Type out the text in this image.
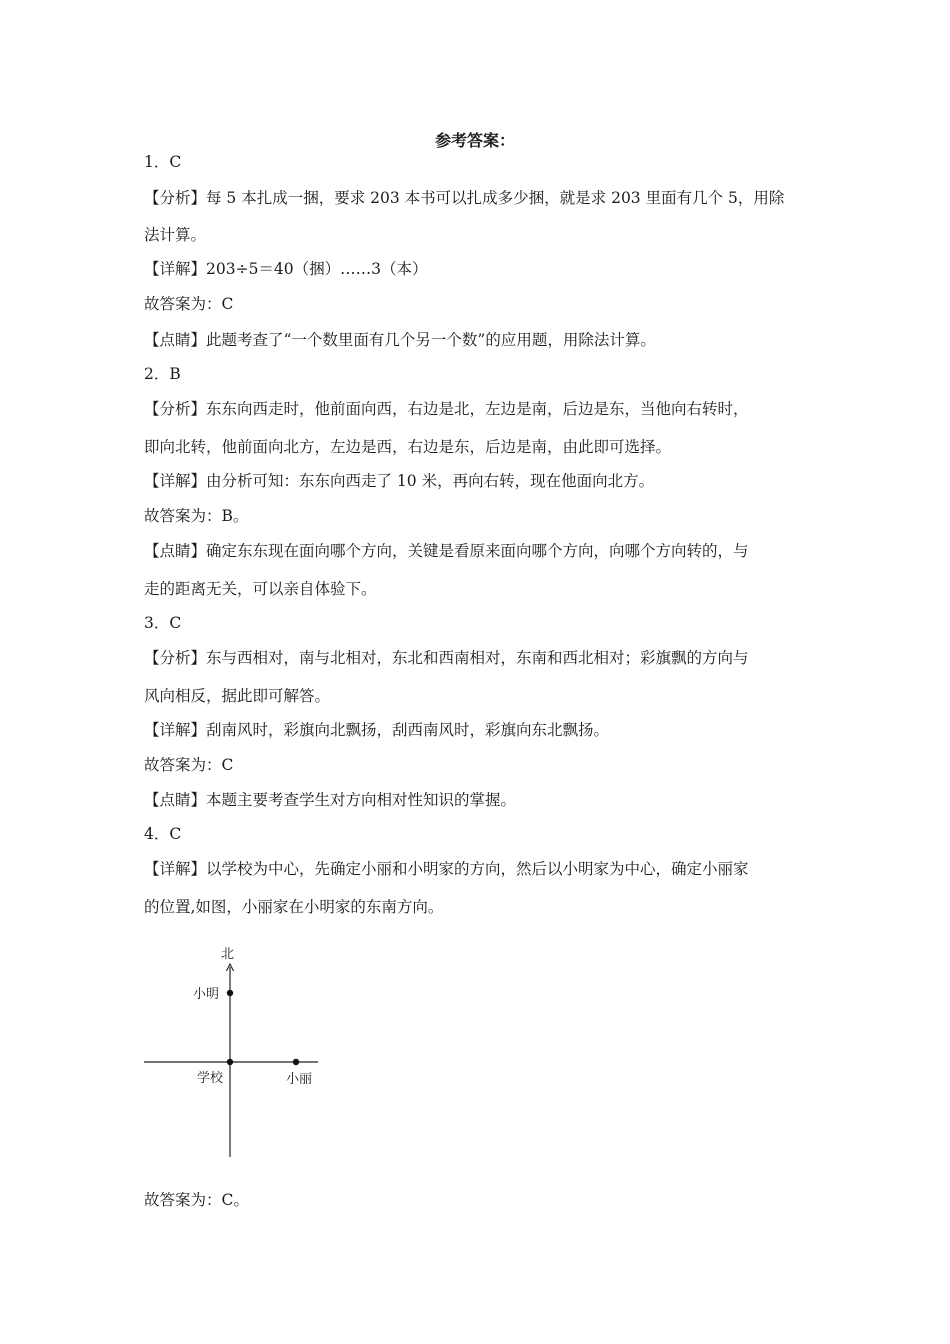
参考答案：
1．C
【分析】每 5 本扎成一捆，要求 203 本书可以扎成多少捆，就是求 203 里面有几个 5，用除
法计算。
【详解】203÷5＝40（捆）……3（本）
故答案为：C
【点睛】此题考查了“一个数里面有几个另一个数”的应用题，用除法计算。
2．B
【分析】东东向西走时，他前面向西，右边是北，左边是南，后边是东，当他向右转时，
即向北转，他前面向北方，左边是西，右边是东，后边是南，由此即可选择。
【详解】由分析可知：东东向西走了 10 米，再向右转，现在他面向北方。
故答案为：B。
【点睛】确定东东现在面向哪个方向，关键是看原来面向哪个方向，向哪个方向转的，与
走的距离无关，可以亲自体验下。
3．C
【分析】东与西相对，南与北相对，东北和西南相对，东南和西北相对；彩旗飘的方向与
风向相反，据此即可解答。
【详解】刮南风时，彩旗向北飘扬，刮西南风时，彩旗向东北飘扬。
故答案为：C
【点睛】本题主要考查学生对方向相对性知识的掌握。
4．C
【详解】以学校为中心，先确定小丽和小明家的方向，然后以小明家为中心，确定小丽家
的位置,如图，小丽家在小明家的东南方向。
北
小明
学校	小丽
故答案为：C。
